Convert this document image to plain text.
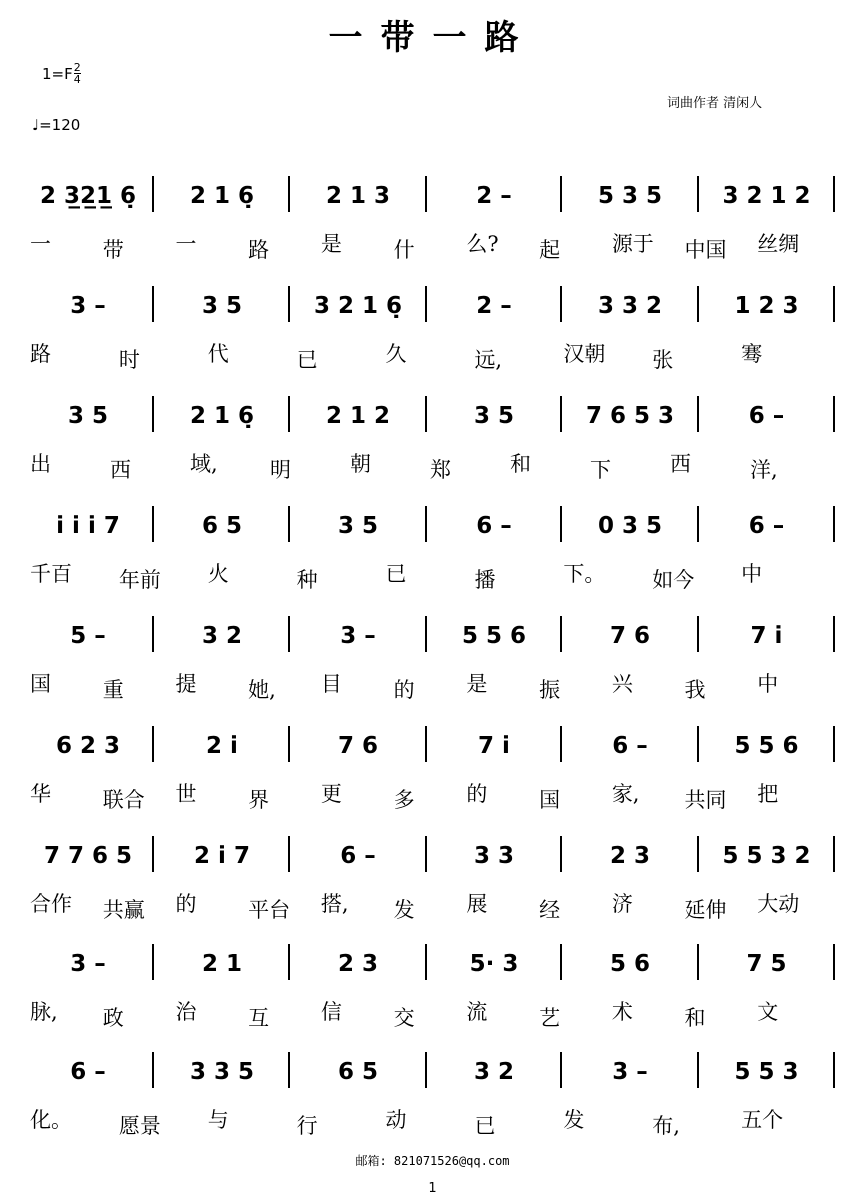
一带一路
$1=F \frac{2}{4}$
♩=120
词曲作者 清闲人
2 3̲2̲1̲ 6̣ 2 1 6̣	2 1 3	2 –	5 3 5	3 2 1 2
一 带 一 路 是 什 么? 起 源于 中国 丝绸
3 –	3 5	3 2 1 6̣	2 –	3 3 2	1 2 3
路	时	代	已	久	远,	汉朝 张	骞
3 5	2 1 6̣	2 1 2	3 5	7 6 5 3	6 –
出	西	域, 明	朝	郑	和	下	西	洋,
i̇ i̇ i̇ 7	6 5	3 5	6 –	0 3 5	6 –
千百 年前 火	种	已	播	下。 如今 中
5 –	3 2	3 –	5 5 6	7 6	7 i̇
国 重 提 她, 目 的 是 振 兴 我 中
6 2 3	2 i̇	7 6	7 i̇	6 –	5 5 6
华 联合 世 界 更 多 的 国 家, 共同 把
7 7 6 5	2 i̇ 7	6 –	3 3	2 3	5 5 3 2
合作 共赢 的 平台 搭, 发 展 经 济 延伸 大动
3 –	2 1	2 3	5· 3	5 6	7 5
脉, 政 治 互 信 交 流 艺 术 和 文
6 –	3 3 5	6 5	3 2	3 –	5 5 3
化。 愿景 与	行	动	已	发	布,	五个
邮箱: 821071526@qq.com
1
